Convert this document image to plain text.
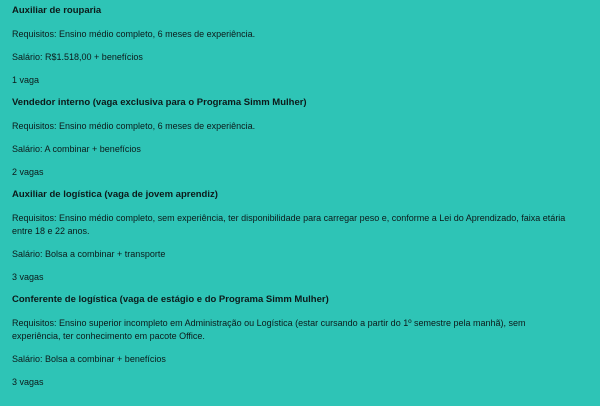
Auxiliar de rouparia

Requisitos: Ensino médio completo, 6 meses de experiência.

Salário: R$1.518,00 + benefícios

1 vaga

Vendedor interno (vaga exclusiva para o Programa Simm Mulher)

Requisitos: Ensino médio completo, 6 meses de experiência.

Salário: A combinar + benefícios

2 vagas

Auxiliar de logística (vaga de jovem aprendiz)

Requisitos: Ensino médio completo, sem experiência, ter disponibilidade para carregar peso e, conforme a Lei do Aprendizado, faixa etária

entre 18 e 22 anos.

Salário: Bolsa a combinar + transporte

3 vagas

Conferente de logística (vaga de estágio e do Programa Simm Mulher)

Requisitos: Ensino superior incompleto em Administração ou Logística (estar cursando a partir do 1º semestre pela manhã), sem

experiência, ter conhecimento em pacote Office.

Salário: Bolsa a combinar + benefícios

3 vagas
